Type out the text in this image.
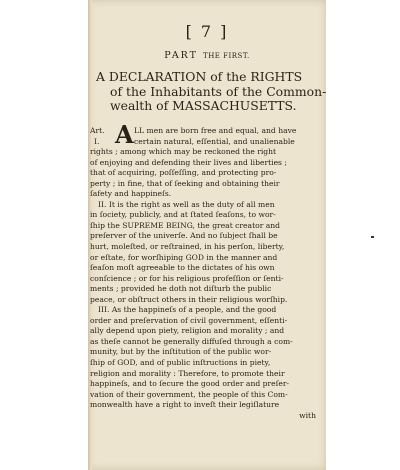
[ 7 ]
PART THE FIRST.
A DECLARATION of the RIGHTS
of the Inhabitants of the Common-
wealth of MASSACHUSETTS.
Art.
I. A LL men are born free and equal, and have
certain natural, eſſential, and unalienable
rights ; among which may be reckoned the right
of enjoying and defending their lives and liberties ;
that of acquiring, poſſeſſing, and protecting pro-
perty ; in fine, that of ſeeking and obtaining their
ſafety and happineſs.
II. It is the right as well as the duty of all men
in ſociety, publicly, and at ſtated ſeaſons, to wor-
ſhip the SUPREME BEING, the great creator and
preſerver of the univerſe. And no ſubject ſhall be
hurt, moleſted, or reſtrained, in his perſon, liberty,
or eſtate, for worſhiping GOD in the manner and
ſeaſon moſt agreeable to the dictates of his own
conſcience ; or for his religious profeſſion or ſenti-
ments ; provided he doth not diſturb the public
peace, or obſtruct others in their religious worſhip.
III. As the happineſs of a people, and the good
order and preſervation of civil government, eſſenti-
ally depend upon piety, religion and morality ; and
as theſe cannot be generally diffuſed through a com-
munity, but by the inſtitution of the public wor-
ſhip of GOD, and of public inſtructions in piety,
religion and morality : Therefore, to promote their
happineſs, and to ſecure the good order and preſer-
vation of their government, the people of this Com-
monwealth have a right to inveſt their legiſlature
with
